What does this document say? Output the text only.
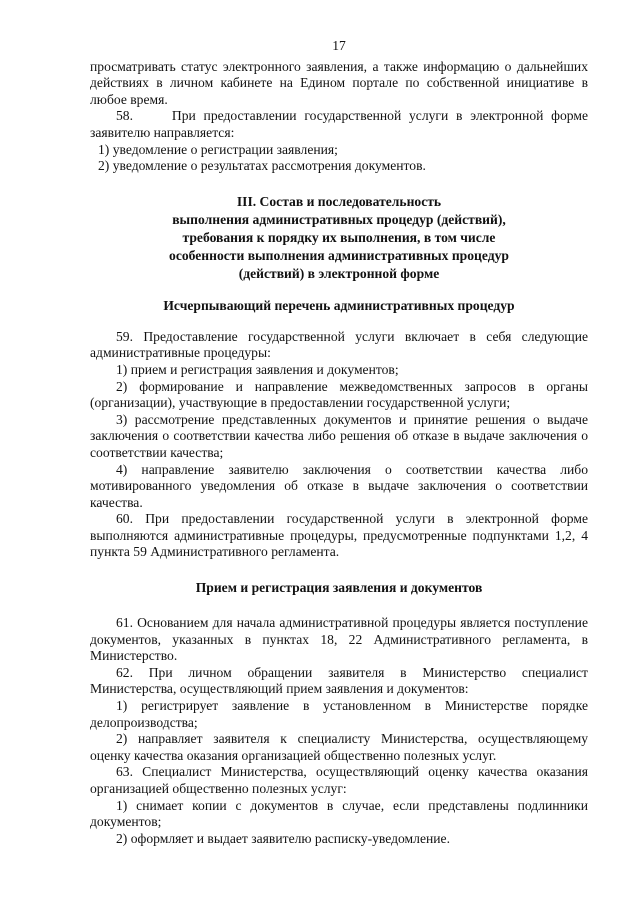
17

просматривать статус электронного заявления, а также информацию о дальнейших действиях в личном кабинете на Едином портале по собственной инициативе в любое время.

58.     При предоставлении государственной услуги в электронной форме заявителю направляется:

1) уведомление о регистрации заявления;

2) уведомление о результатах рассмотрения документов.

III. Состав и последовательность
выполнения административных процедур (действий),
требования к порядку их выполнения, в том числе
особенности выполнения административных процедур
(действий) в электронной форме
Исчерпывающий перечень административных процедур

59. Предоставление государственной услуги включает в себя следующие административные процедуры:

1) прием и регистрация заявления и документов;

2) формирование и направление межведомственных запросов в органы (организации), участвующие в предоставлении государственной услуги;

3) рассмотрение представленных документов и принятие решения о выдаче заключения о соответствии качества либо решения об отказе в выдаче заключения о соответствии качества;

4) направление заявителю заключения о соответствии качества либо мотивированного уведомления об отказе в выдаче заключения о соответствии качества.

60. При предоставлении государственной услуги в электронной форме выполняются административные процедуры, предусмотренные подпунктами 1,2, 4 пункта 59 Административного регламента.

Прием и регистрация заявления и документов

61. Основанием для начала административной процедуры является поступление документов, указанных в пунктах 18, 22 Административного регламента, в Министерство.

62. При личном обращении заявителя в Министерство специалист Министерства, осуществляющий прием заявления и документов:

1) регистрирует заявление в установленном в Министерстве порядке делопроизводства;

2) направляет заявителя к специалисту Министерства, осуществляющему оценку качества оказания организацией общественно полезных услуг.

63. Специалист Министерства, осуществляющий оценку качества оказания организацией общественно полезных услуг:

1) снимает копии с документов в случае, если представлены подлинники документов;

2) оформляет и выдает заявителю расписку-уведомление.
